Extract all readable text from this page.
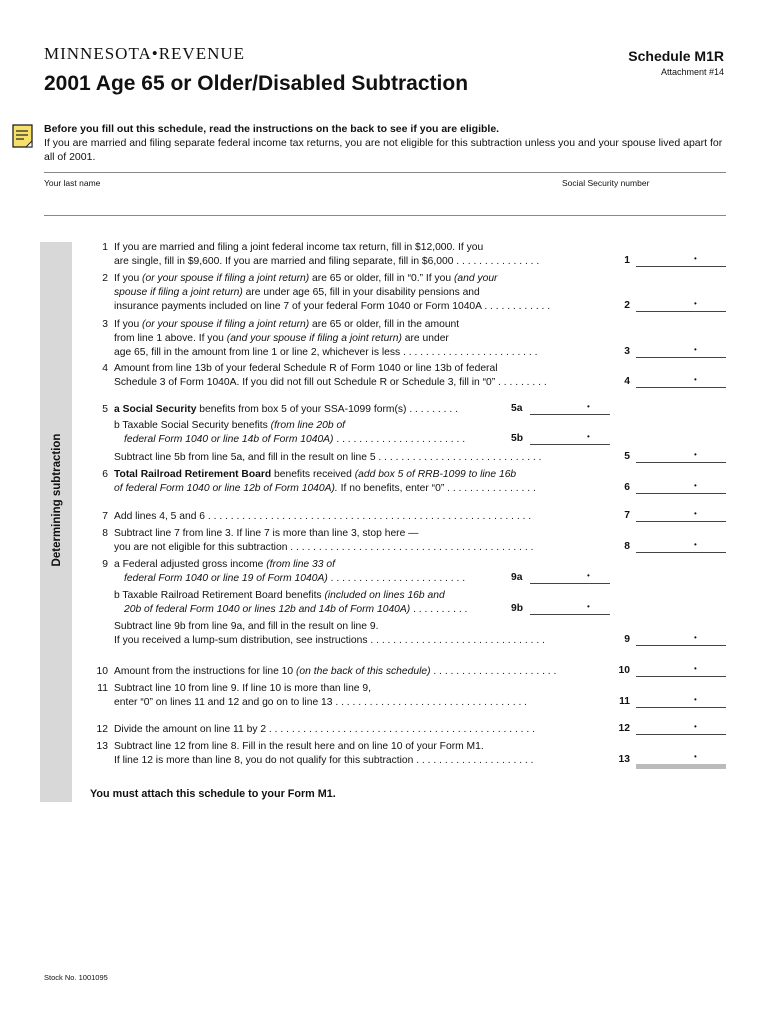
MINNESOTA•REVENUE
2001 Age 65 or Older/Disabled Subtraction
Schedule M1R
Attachment #14
Before you fill out this schedule, read the instructions on the back to see if you are eligible.
If you are married and filing separate federal income tax returns, you are not eligible for this subtraction unless you and your spouse lived apart for all of 2001.
Your last name	Social Security number
Determining subtraction
1 If you are married and filing a joint federal income tax return, fill in $12,000. If you
are single, fill in $9,600. If you are married and filing separate, fill in $6,000 . . . . . . . . . . . . . . .	1
•
2 If you (or your spouse if filing a joint return) are 65 or older, fill in “0.” If you (and your
spouse if filing a joint return) are under age 65, fill in your disability pensions and
insurance payments included on line 7 of your federal Form 1040 or Form 1040A . . . . . . . . . . . .	2
•
3 If you (or your spouse if filing a joint return) are 65 or older, fill in the amount
from line 1 above. If you (and your spouse if filing a joint return) are under
age 65, fill in the amount from line 1 or line 2, whichever is less . . . . . . . . . . . . . . . . . . . . . . . .	3
•
4 Amount from line 13b of your federal Schedule R of Form 1040 or line 13b of federal
Schedule 3 of Form 1040A. If you did not fill out Schedule R or Schedule 3, fill in “0” . . . . . . . . .	4
•
5 a Social Security benefits from box 5 of your SSA-1099 form(s) . . . . . . . . .	5a
•
b Taxable Social Security benefits (from line 20b of
federal Form 1040 or line 14b of Form 1040A) . . . . . . . . . . . . . . . . . . . . . . .	5b
•
Subtract line 5b from line 5a, and fill in the result on line 5 . . . . . . . . . . . . . . . . . . . . . . . . . . . . .	5
•
6 Total Railroad Retirement Board benefits received (add box 5 of RRB-1099 to line 16b
of federal Form 1040 or line 12b of Form 1040A). If no benefits, enter “0” . . . . . . . . . . . . . . . .	6
•
7 Add lines 4, 5 and 6 . . . . . . . . . . . . . . . . . . . . . . . . . . . . . . . . . . . . . . . . . . . . . . . . . . . . . . . . .	7
•
8 Subtract line 7 from line 3. If line 7 is more than line 3, stop here —
you are not eligible for this subtraction . . . . . . . . . . . . . . . . . . . . . . . . . . . . . . . . . . . . . . . . . . .	8
•
9 a Federal adjusted gross income (from line 33 of
federal Form 1040 or line 19 of Form 1040A) . . . . . . . . . . . . . . . . . . . . . . . .	9a
•
b Taxable Railroad Retirement Board benefits (included on lines 16b and
20b of federal Form 1040 or lines 12b and 14b of Form 1040A) . . . . . . . . . .	9b
•
Subtract line 9b from line 9a, and fill in the result on line 9.
If you received a lump-sum distribution, see instructions . . . . . . . . . . . . . . . . . . . . . . . . . . . . . . .	9
•
10 Amount from the instructions for line 10 (on the back of this schedule) . . . . . . . . . . . . . . . . . . . . . .	10
•
11 Subtract line 10 from line 9. If line 10 is more than line 9,
enter “0” on lines 11 and 12 and go on to line 13 . . . . . . . . . . . . . . . . . . . . . . . . . . . . . . . . . .	11
•
12 Divide the amount on line 11 by 2 . . . . . . . . . . . . . . . . . . . . . . . . . . . . . . . . . . . . . . . . . . . . . . .	12
•
13 Subtract line 12 from line 8. Fill in the result here and on line 10 of your Form M1.
If line 12 is more than line 8, you do not qualify for this subtraction . . . . . . . . . . . . . . . . . . . . .	13
•
You must attach this schedule to your Form M1.
Stock No. 1001095
